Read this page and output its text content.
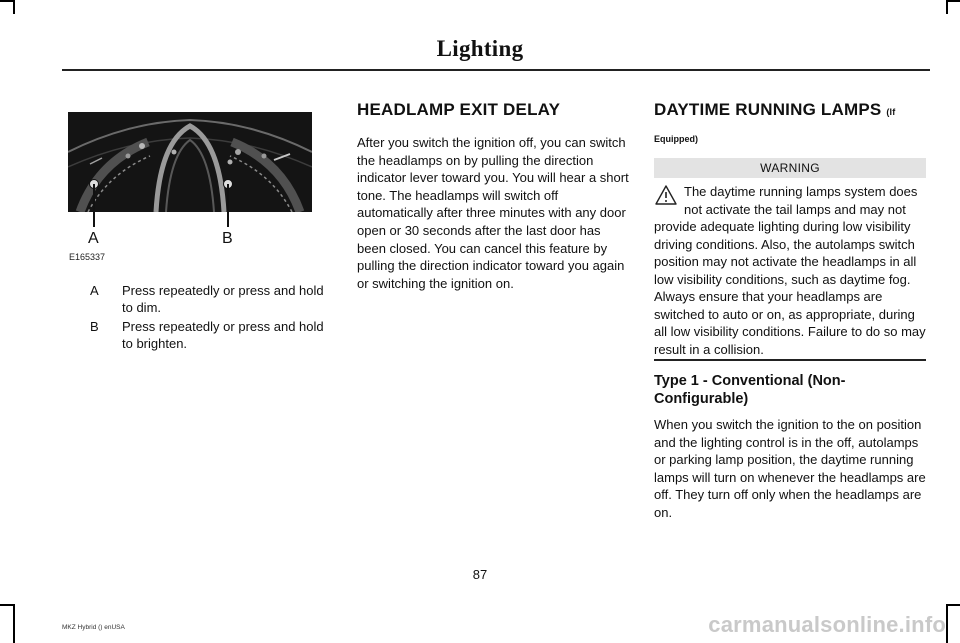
Lighting
A	B
E165337
A	Press repeatedly or press and hold to dim.
B	Press repeatedly or press and hold to brighten.
HEADLAMP EXIT DELAY

After you switch the ignition off, you can switch the headlamps on by pulling the direction indicator lever toward you. You will hear a short tone. The headlamps will switch off automatically after three minutes with any door open or 30 seconds after the last door has been closed. You can cancel this feature by pulling the direction indicator toward you again or switching the ignition on.

DAYTIME RUNNING LAMPS (If
Equipped)
WARNING
The daytime running lamps system does not activate the tail lamps and may not provide adequate lighting during low visibility driving conditions. Also, the autolamps switch position may not activate the headlamps in all low visibility conditions, such as daytime fog. Always ensure that your headlamps are switched to auto or on, as appropriate, during all low visibility conditions. Failure to do so may result in a collision.
Type 1 - Conventional (Non-Configurable)
When you switch the ignition to the on position and the lighting control is in the off, autolamps or parking lamp position, the daytime running lamps will turn on whenever the headlamps are off. They turn off only when the headlamps are on.
87
MKZ Hybrid () enUSA	carmanualsonline.info
